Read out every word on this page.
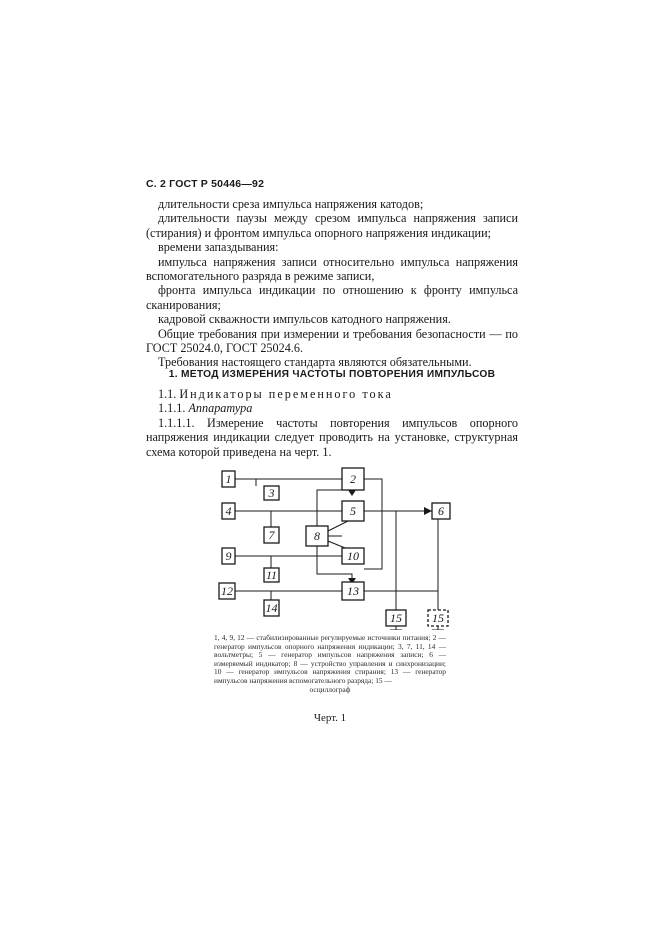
С. 2 ГОСТ Р 50446—92

длительности среза импульса напряжения катодов;

длительности паузы между срезом импульса напряжения записи (стирания) и фронтом импульса опорного напряжения индикации;

времени запаздывания:

импульса напряжения записи относительно импульса напряжения вспомогательного разряда в режиме записи,

фронта импульса индикации по отношению к фронту импульса сканирования;

кадровой скважности импульсов катодного напряжения.

Общие требования при измерении и требования безопасности — по ГОСТ 25024.0, ГОСТ 25024.6.

Требования настоящего стандарта являются обязательными.

1. МЕТОД ИЗМЕРЕНИЯ ЧАСТОТЫ ПОВТОРЕНИЯ ИМПУЛЬСОВ

1.1. Индикаторы переменного тока

1.1.1. Аппаратура

1.1.1.1. Измерение частоты повторения импульсов опорного напряжения индикации следует проводить на установке, структурная схема которой приведена на черт. 1.

1	2
3
4	5	6
7	8
9	10
11
12	13
14
15	15
1, 4, 9, 12 — стабилизированные регулируемые источники питания; 2 — генератор импульсов опорного напряжения индикации; 3, 7, 11, 14 — вольтметры; 5 — генератор импульсов напряжения записи; 6 — измеряемый индикатор; 8 — устройство управления и синхронизации; 10 — генератор импульсов напряжения стирания; 13 — генератор импульсов напряжения вспомогательного разряда; 15 —
осциллограф
Черт. 1
